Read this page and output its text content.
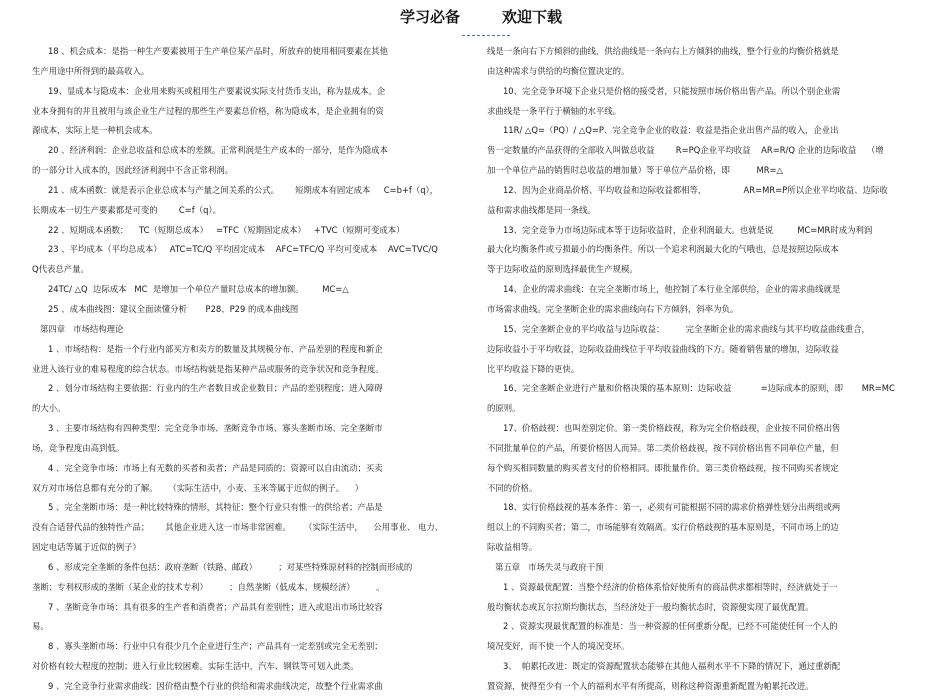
学习必备	欢迎下载
18 、机会成本：是指一种生产要素被用于生产单位某产品时，所放弃的使用相同要素在其他
生产用途中所得到的最高收入。
19、显成本与隐成本：企业用来购买或租用生产要素说实际支付货币支出，称为显成本。企
业本身拥有的并且被用与该企业生产过程的那些生产要素总价格，称为隐成本，是企业拥有的资
源成本，实际上是一种机会成本。
20 、经济利润：企业总收益和总成本的差额。正常利润是生产成本的一部分，是作为隐成本
的一部分计入成本的，因此经济利润中不含正常利润。
21 、成本函数：就是表示企业总成本与产量之间关系的公式。      短期成本有固定成本     C=b+f（q），
长期成本一切生产要素都是可变的        C=f（q）。
22 、短期成本函数：    TC（短期总成本）   =TFC（短期固定成本）   +TVC（短期可变成本）
23 、平均成本（平均总成本）   ATC=TC/Q 平均固定成本    AFC=TFC/Q 平均可变成本    AVC=TVC/Q
Q代表总产量。
24TC/ △Q  边际成本   MC  是增加一个单位产量时总成本的增加额。       MC=△
25 、成本曲线图：建议全面读懂分析       P28、P29 的成本曲线图
第四章   市场结构理论
1 、市场结构：是指一个行业内部买方和卖方的数量及其规模分布、产品差别的程度和新企
业进入该行业的难易程度的综合状态。市场结构就是指某种产品或服务的竞争状况和竞争程度。
2 、划分市场结构主要依据：行业内的生产者数目或企业数目；产品的差别程度；进入障碍
的大小。
3 、主要市场结构有四种类型：完全竞争市场、垄断竞争市场、寡头垄断市场、完全垄断市
场，竞争程度由高到低。
4 、完全竞争市场：市场上有无数的买者和卖者；产品是同质的；资源可以自由流动；买卖
双方对市场信息都有充分的了解。    （实际生活中，小麦、玉米等属于近似的例子。    ）
5 、完全垄断市场：是一种比较特殊的情形，其特征：整个行业只有惟一的供给者；产品是
没有合适替代品的独特性产品；      其他企业进入这一市场非常困难。     （实际生活中，    公用事业、 电力、
固定电话等属于近似的例子）
6 、形成完全垄断的条件包括：政府垄断（铁路、邮政）        ；对某些特殊原材料的控制而形成的
垄断；专利权形成的垄断（某企业的技术专利）        ；自然垄断（低成本、规模经济）        。
7 、垄断竞争市场：具有很多的生产者和消费者；产品具有差别性；进入或退出市场比较容
易。
8 、寡头垄断市场：行业中只有很少几个企业进行生产；产品具有一定差别或完全无差别；
对价格有较大程度的控制；进入行业比较困难。实际生活中，汽车、钢铁等可划入此类。
9 、完全竞争行业需求曲线：因价格由整个行业的供给和需求曲线决定，故整个行业需求曲
线是一条向右下方倾斜的曲线，供给曲线是一条向右上方倾斜的曲线，整个行业的均衡价格就是
由这种需求与供给的均衡位置决定的。
10、完全竞争环境下企业只是价格的接受者，只能按照市场价格出售产品。所以个别企业需
求曲线是一条平行于横轴的水平线。
11R/ △Q=（PQ）/ △Q=P、完全竞争企业的收益：收益是指企业出售产品的收入，企业出
售一定数量的产品获得的全部收入叫做总收益        R=PQ企业平均收益    AR=R/Q 企业的边际收益    （增
加一个单位产品的销售时总收益的增加量）等于单位产品价格，即          MR=△
12、因为企业商品价格、平均收益和边际收益都相等，              AR=MR=P所以企业平均收益、边际收
益和需求曲线都是同一条线。
13、完全竞争力市场边际成本等于边际收益时，企业利润最大。也就是说         MC=MR时成为利润
最大化均衡条件或亏损最小的均衡条件。所以一个追求利润最大化的气哦也，总是按照边际成本
等于边际收益的原则选择最优生产规模。
14、企业的需求曲线：在完全垄断市场上，他控制了本行业全部供给，企业的需求曲线就是
市场需求曲线。完全垄断企业的需求曲线向右下方倾斜，斜率为负。
15、完全垄断企业的平均收益与边际收益：        完全垄断企业的需求曲线与其平均收益曲线重合，
边际收益小于平均收益，边际收益曲线位于平均收益曲线的下方。随着销售量的增加，边际收益
比平均收益下降的更快。
16、完全垄断企业进行产量和价格决策的基本原则：边际收益           =边际成本的原则，即       MR=MC
的原则。
17、价格歧视：也叫差别定价。第一类价格歧视，称为完全价格歧视，企业按不同价格出售
不同批量单位的产品，所要价格因人而异。第二类价格歧视，按不同价格出售不同单位产量，但
每个购买相同数量的购买者支付的价格相同。即批量作价。第三类价格歧视，按不同购买者规定
不同的价格。
18、实行价格歧视的基本条件：第一，必须有可能根据不同的需求价格弹性划分出两组或两
组以上的不同购买者；第二，市场能够有效隔离。实行价格歧视的基本原则是，不同市场上的边
际收益相等。
第五章   市场失灵与政府干预
1 、资源最优配置：当整个经济的价格体系恰好使所有的商品供求都相等时，经济就处于一
般均衡状态或瓦尔拉斯均衡状态，当经济处于一般均衡状态时，资源便实现了最优配置。
2 、资源实现最优配置的标准是：当一种资源的任何重新分配，已经不可能使任何一个人的
境况变好，而不使一个人的境况变坏。
3、  帕累托改进：既定的资源配置状态能够在其他人福利水平不下降的情况下，通过重新配
置资源，使得至少有一个人的福利水平有所提高，则称这种资源重新配置为帕累托改进。
